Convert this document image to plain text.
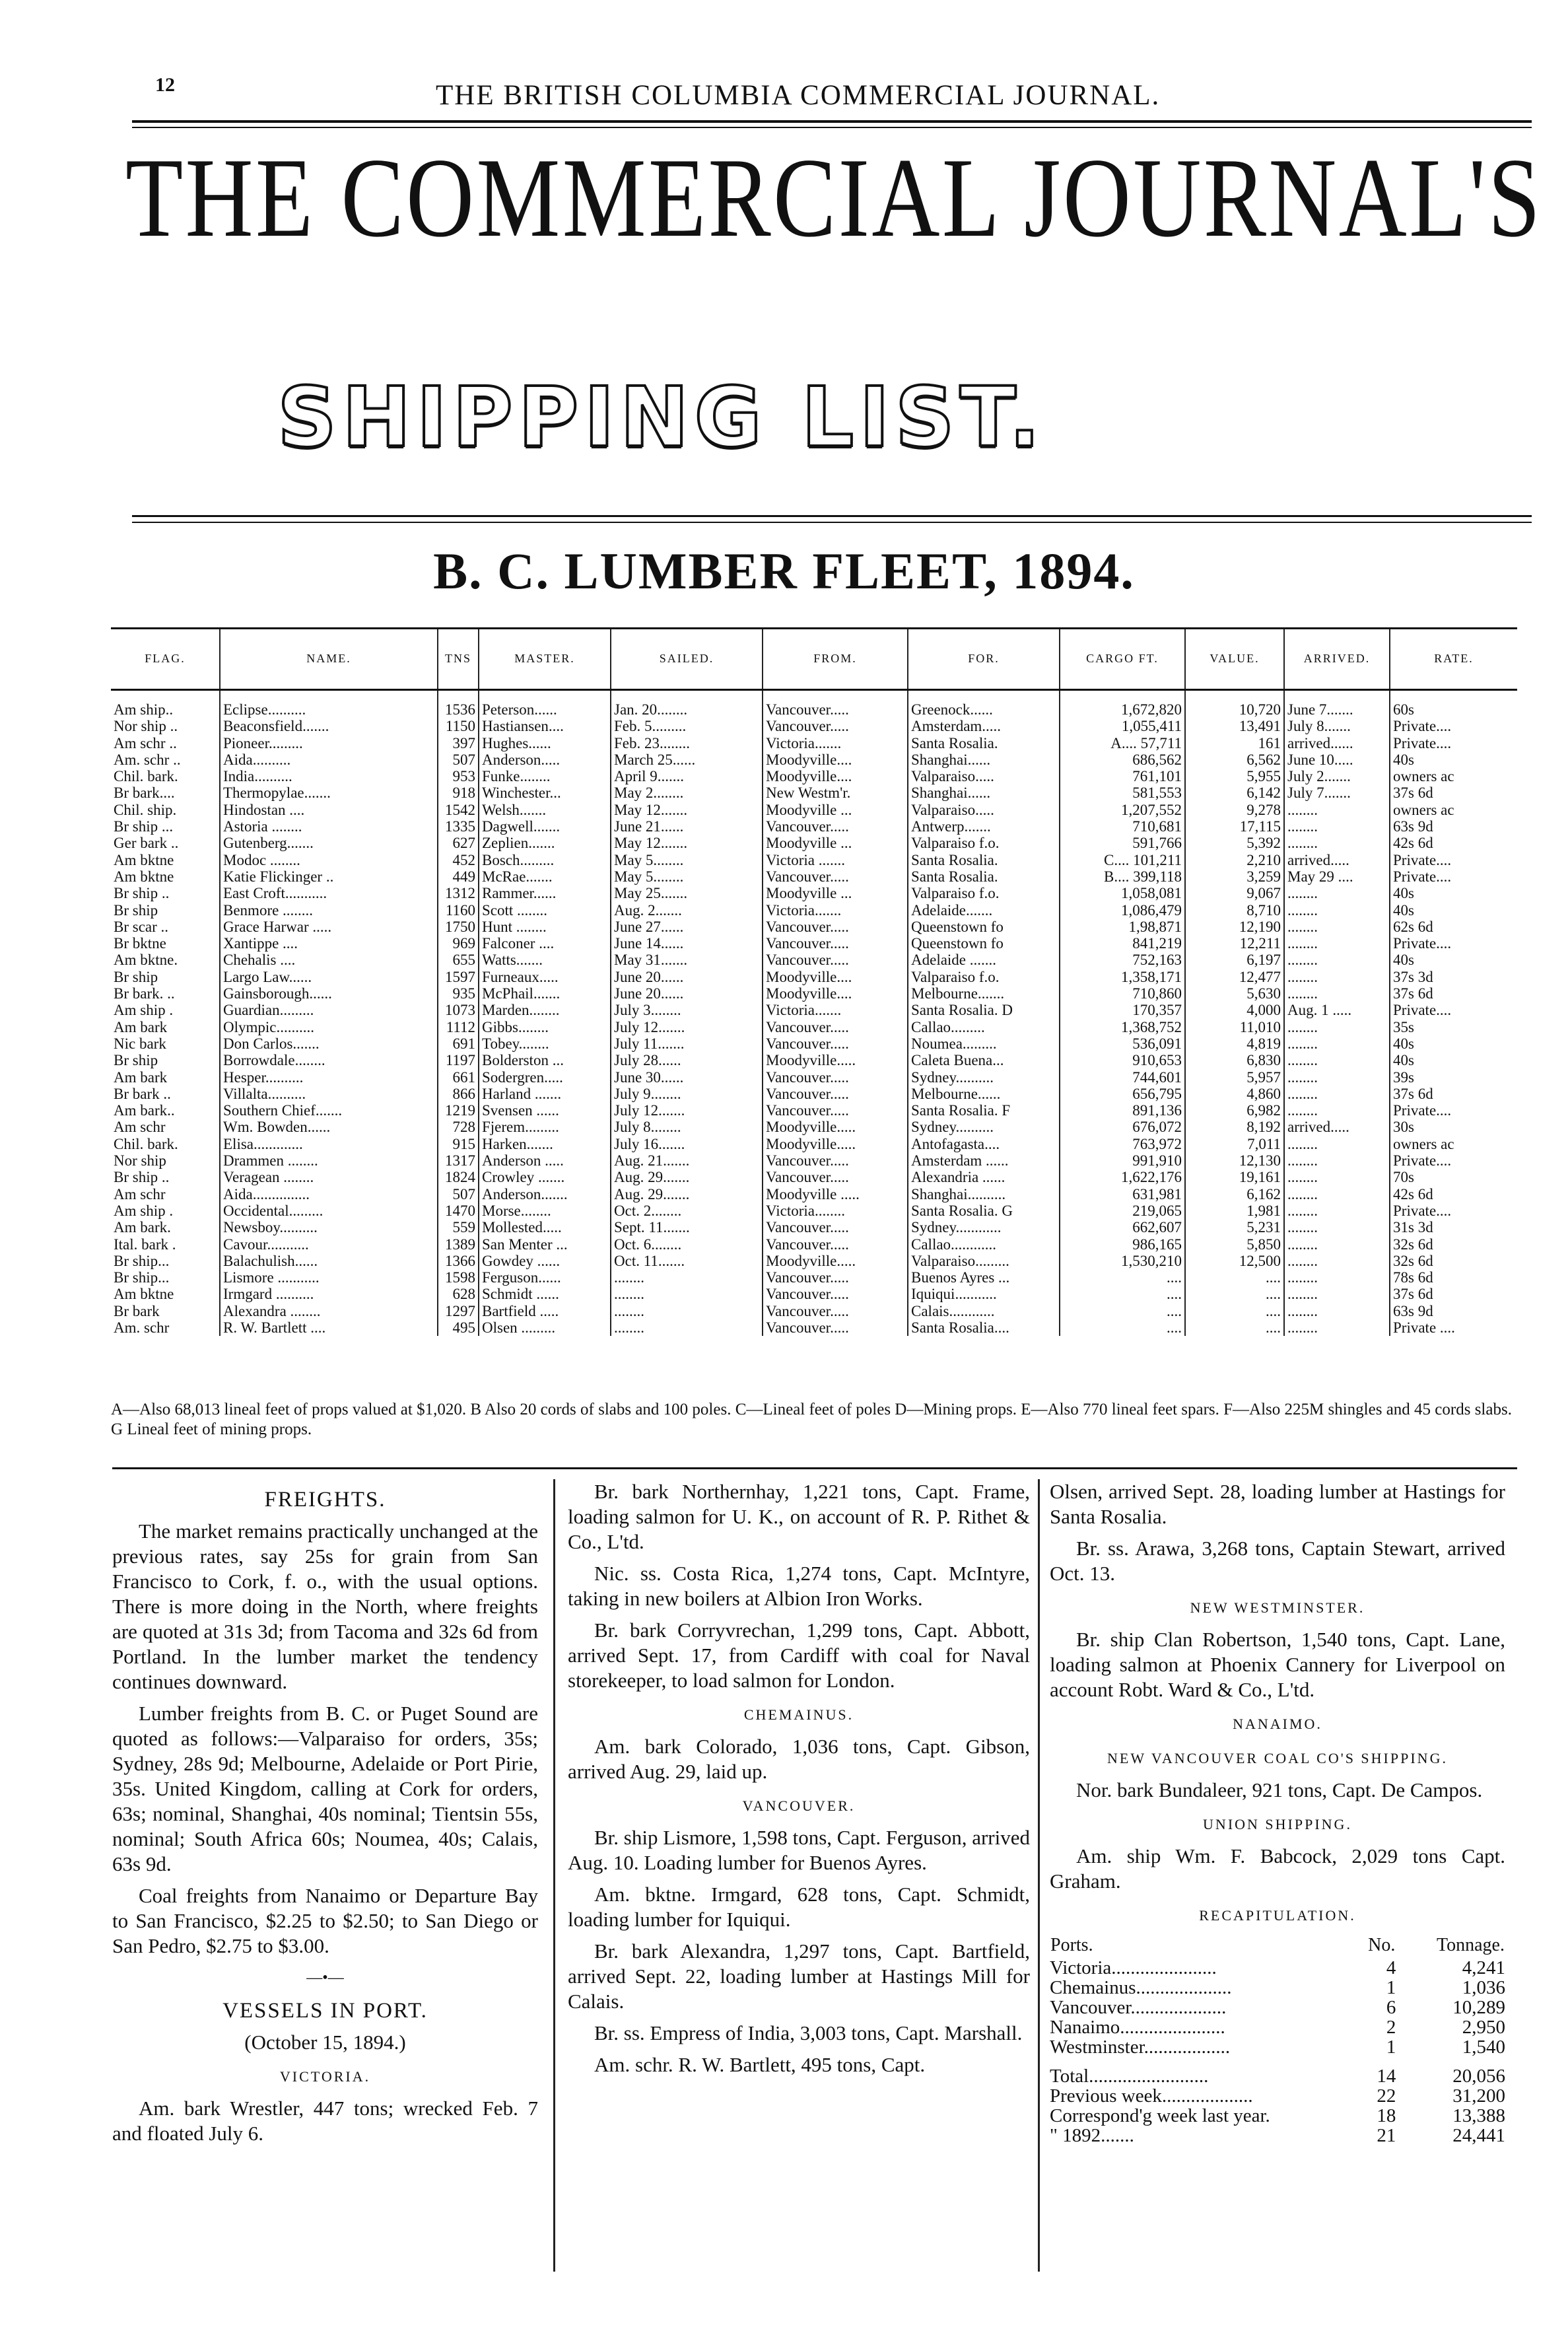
12	THE BRITISH COLUMBIA COMMERCIAL JOURNAL.
THE COMMERCIAL JOURNAL'S
SHIPPING LIST.
B. C. LUMBER FLEET, 1894.
FLAG.	NAME.	TNS	MASTER.	SAILED.	FROM.	FOR.	CARGO FT.	VALUE.	ARRIVED.	RATE.

Am ship..	Eclipse..........	1536	Peterson......	Jan. 20........	Vancouver.....	Greenock......	1,672,820	10,720	June 7.......	60s
Nor ship ..	Beaconsfield.......	1150	Hastiansen....	Feb. 5.........	Vancouver.....	Amsterdam.....	1,055,411	13,491	July 8.......	Private....
Am schr ..	Pioneer.........	397	Hughes......	Feb. 23........	Victoria.......	Santa Rosalia.	A.... 57,711	161	arrived......	Private....
Am. schr ..	Aida..........	507	Anderson.....	March 25......	Moodyville....	Shanghai......	686,562	6,562	June 10.....	40s
Chil. bark.	India..........	953	Funke........	April 9.......	Moodyville....	Valparaiso.....	761,101	5,955	July 2.......	owners ac
Br bark....	Thermopylae.......	918	Winchester...	May 2........	New Westm'r.	Shanghai......	581,553	6,142	July 7.......	37s 6d
Chil. ship.	Hindostan ....	1542	Welsh.......	May 12.......	Moodyville ...	Valparaiso.....	1,207,552	9,278	........	owners ac
Br ship ...	Astoria ........	1335	Dagwell.......	June 21......	Vancouver.....	Antwerp.......	710,681	17,115	........	63s 9d
Ger bark ..	Gutenberg.......	627	Zeplien.......	May 12.......	Moodyville ...	Valparaiso f.o.	591,766	5,392	........	42s 6d
Am bktne	Modoc ........	452	Bosch.........	May 5........	Victoria .......	Santa Rosalia.	C.... 101,211	2,210	arrived.....	Private....
Am bktne	Katie Flickinger ..	449	McRae.......	May 5........	Vancouver.....	Santa Rosalia.	B.... 399,118	3,259	May 29 ....	Private....
Br ship ..	East Croft...........	1312	Rammer......	May 25.......	Moodyville ...	Valparaiso f.o.	1,058,081	9,067	........	40s
Br ship	Benmore ........	1160	Scott ........	Aug. 2.......	Victoria.......	Adelaide.......	1,086,479	8,710	........	40s
Br scar ..	Grace Harwar .....	1750	Hunt ........	June 27......	Vancouver.....	Queenstown fo	1,98,871	12,190	........	62s 6d
Br bktne	Xantippe ....	969	Falconer ....	June 14......	Vancouver.....	Queenstown fo	841,219	12,211	........	Private....
Am bktne.	Chehalis ....	655	Watts.......	May 31.......	Vancouver.....	Adelaide .......	752,163	6,197	........	40s
Br ship	Largo Law......	1597	Furneaux.....	June 20......	Moodyville....	Valparaiso f.o.	1,358,171	12,477	........	37s 3d
Br bark. ..	Gainsborough......	935	McPhail.......	June 20......	Moodyville....	Melbourne.......	710,860	5,630	........	37s 6d
Am ship .	Guardian.........	1073	Marden........	July 3........	Victoria.......	Santa Rosalia. D	170,357	4,000	Aug. 1 .....	Private....
Am bark	Olympic..........	1112	Gibbs........	July 12.......	Vancouver.....	Callao.........	1,368,752	11,010	........	35s
Nic bark	Don Carlos.......	691	Tobey........	July 11.......	Vancouver.....	Noumea.........	536,091	4,819	........	40s
Br ship	Borrowdale........	1197	Bolderston ...	July 28......	Moodyville.....	Caleta Buena...	910,653	6,830	........	40s
Am bark	Hesper..........	661	Sodergren.....	June 30......	Vancouver.....	Sydney..........	744,601	5,957	........	39s
Br bark ..	Villalta..........	866	Harland .......	July 9........	Vancouver.....	Melbourne......	656,795	4,860	........	37s 6d
Am bark..	Southern Chief.......	1219	Svensen ......	July 12.......	Vancouver.....	Santa Rosalia. F	891,136	6,982	........	Private....
Am schr	Wm. Bowden......	728	Fjerem.........	July 8........	Moodyville.....	Sydney..........	676,072	8,192	arrived.....	30s
Chil. bark.	Elisa.............	915	Harken.......	July 16.......	Moodyville.....	Antofagasta....	763,972	7,011	........	owners ac
Nor ship	Drammen ........	1317	Anderson .....	Aug. 21.......	Vancouver.....	Amsterdam ......	991,910	12,130	........	Private....
Br ship ..	Veragean ........	1824	Crowley .......	Aug. 29.......	Vancouver.....	Alexandria ......	1,622,176	19,161	........	70s
Am schr	Aida...............	507	Anderson.......	Aug. 29.......	Moodyville .....	Shanghai..........	631,981	6,162	........	42s 6d
Am ship .	Occidental.........	1470	Morse........	Oct. 2........	Victoria........	Santa Rosalia. G	219,065	1,981	........	Private....
Am bark.	Newsboy..........	559	Mollested.....	Sept. 11.......	Vancouver.....	Sydney............	662,607	5,231	........	31s 3d
Ital. bark .	Cavour...........	1389	San Menter ...	Oct. 6........	Vancouver.....	Callao............	986,165	5,850	........	32s 6d
Br ship...	Balachulish......	1366	Gowdey ......	Oct. 11.......	Moodyville.....	Valparaiso.........	1,530,210	12,500	........	32s 6d
Br ship...	Lismore ...........	1598	Ferguson......	........	Vancouver.....	Buenos Ayres ...	....	....	........	78s 6d
Am bktne	Irmgard ..........	628	Schmidt ......	........	Vancouver.....	Iquiqui...........	....	....	........	37s 6d
Br bark	Alexandra ........	1297	Bartfield .....	........	Vancouver.....	Calais............	....	....	........	63s 9d
Am. schr	R. W. Bartlett ....	495	Olsen .........	........	Vancouver.....	Santa Rosalia....	....	....	........	Private ....
A—Also 68,013 lineal feet of props valued at $1,020. B Also 20 cords of slabs and 100 poles. C—Lineal feet of poles D—Mining props. E—Also 770 lineal feet spars. F—Also 225M shingles and 45 cords slabs. G Lineal feet of mining props.
FREIGHTS.

The market remains practically unchanged at the previous rates, say 25s for grain from San Francisco to Cork, f. o., with the usual options. There is more doing in the North, where freights are quoted at 31s 3d; from Tacoma and 32s 6d from Portland. In the lumber market the tendency continues downward.

Lumber freights from B. C. or Puget Sound are quoted as follows:—Valparaiso for orders, 35s; Sydney, 28s 9d; Melbourne, Adelaide or Port Pirie, 35s. United Kingdom, calling at Cork for orders, 63s; nominal, Shanghai, 40s nominal; Tientsin 55s, nominal; South Africa 60s; Noumea, 40s; Calais, 63s 9d.

Coal freights from Nanaimo or Departure Bay to San Francisco, $2.25 to $2.50; to San Diego or San Pedro, $2.75 to $3.00.

—•—
VESSELS IN PORT.

(October 15, 1894.)

VICTORIA.

Am. bark Wrestler, 447 tons; wrecked Feb. 7 and floated July 6.

Br. bark Northernhay, 1,221 tons, Capt. Frame, loading salmon for U. K., on account of R. P. Rithet & Co., L'td.

Nic. ss. Costa Rica, 1,274 tons, Capt. McIntyre, taking in new boilers at Albion Iron Works.

Br. bark Corryvrechan, 1,299 tons, Capt. Abbott, arrived Sept. 17, from Cardiff with coal for Naval storekeeper, to load salmon for London.

CHEMAINUS.

Am. bark Colorado, 1,036 tons, Capt. Gibson, arrived Aug. 29, laid up.

VANCOUVER.

Br. ship Lismore, 1,598 tons, Capt. Ferguson, arrived Aug. 10. Loading lumber for Buenos Ayres.

Am. bktne. Irmgard, 628 tons, Capt. Schmidt, loading lumber for Iquiqui.

Br. bark Alexandra, 1,297 tons, Capt. Bartfield, arrived Sept. 22, loading lumber at Hastings Mill for Calais.

Br. ss. Empress of India, 3,003 tons, Capt. Marshall.

Am. schr. R. W. Bartlett, 495 tons, Capt.

Olsen, arrived Sept. 28, loading lumber at Hastings for Santa Rosalia.

Br. ss. Arawa, 3,268 tons, Captain Stewart, arrived Oct. 13.

NEW WESTMINSTER.

Br. ship Clan Robertson, 1,540 tons, Capt. Lane, loading salmon at Phoenix Cannery for Liverpool on account Robt. Ward & Co., L'td.

NANAIMO.
NEW VANCOUVER COAL CO'S SHIPPING.

Nor. bark Bundaleer, 921 tons, Capt. De Campos.

UNION SHIPPING.

Am. ship Wm. F. Babcock, 2,029 tons Capt. Graham.

RECAPITULATION.
Ports.	No.	Tonnage.
Victoria......................	4	4,241
Chemainus....................	1	1,036
Vancouver....................	6	10,289
Nanaimo......................	2	2,950
Westminster..................	1	1,540
Total.........................	14	20,056
Previous week...................	22	31,200
Correspond'g week last year.	18	13,388
" 1892.......	21	24,441
